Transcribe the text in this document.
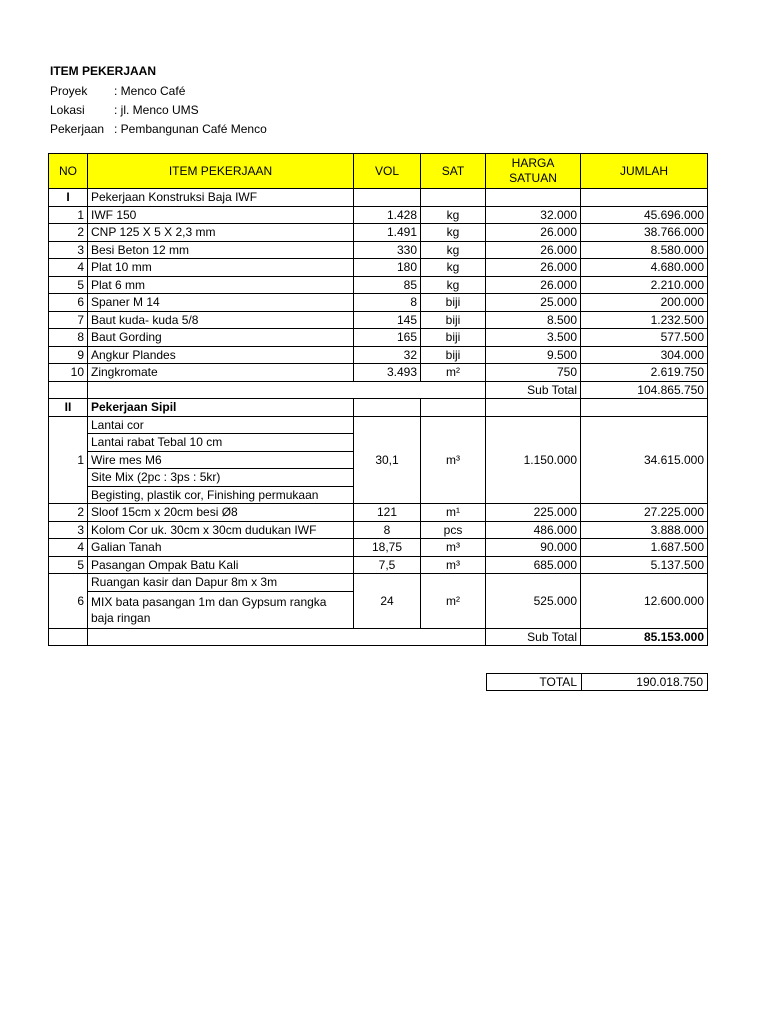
ITEM PEKERJAAN
Proyek : Menco Café
Lokasi : jl. Menco UMS
Pekerjaan : Pembangunan Café Menco
NO	ITEM PEKERJAAN	VOL	SAT	HARGA SATUAN	JUMLAH
I	Pekerjaan Konstruksi Baja IWF				
1	IWF 150	1.428	kg	32.000	45.696.000
2	CNP 125 X 5 X 2,3 mm	1.491	kg	26.000	38.766.000
3	Besi Beton 12 mm	330	kg	26.000	8.580.000
4	Plat 10 mm	180	kg	26.000	4.680.000
5	Plat 6 mm	85	kg	26.000	2.210.000
6	Spaner M 14	8	biji	25.000	200.000
7	Baut kuda- kuda 5/8	145	biji	8.500	1.232.500
8	Baut Gording	165	biji	3.500	577.500
9	Angkur Plandes	32	biji	9.500	304.000
10	Zingkromate	3.493	m²	750	2.619.750
				Sub Total	104.865.750
II	Pekerjaan Sipil				
1	Lantai cor	30,1	m³	1.150.000	34.615.000
	Lantai rabat Tebal 10 cm				
	Wire mes M6				
	Site Mix (2pc : 3ps : 5kr)				
	Begisting, plastik cor, Finishing permukaan				
2	Sloof 15cm x 20cm besi Ø8	121	m¹	225.000	27.225.000
3	Kolom Cor uk. 30cm x 30cm dudukan IWF	8	pcs	486.000	3.888.000
4	Galian Tanah	18,75	m³	90.000	1.687.500
5	Pasangan Ompak Batu Kali	7,5	m³	685.000	5.137.500
6	Ruangan kasir dan Dapur 8m x 3m	24	m²	525.000	12.600.000
	MIX bata pasangan 1m dan Gypsum rangka baja ringan				
				Sub Total	85.153.000
TOTAL	190.018.750
